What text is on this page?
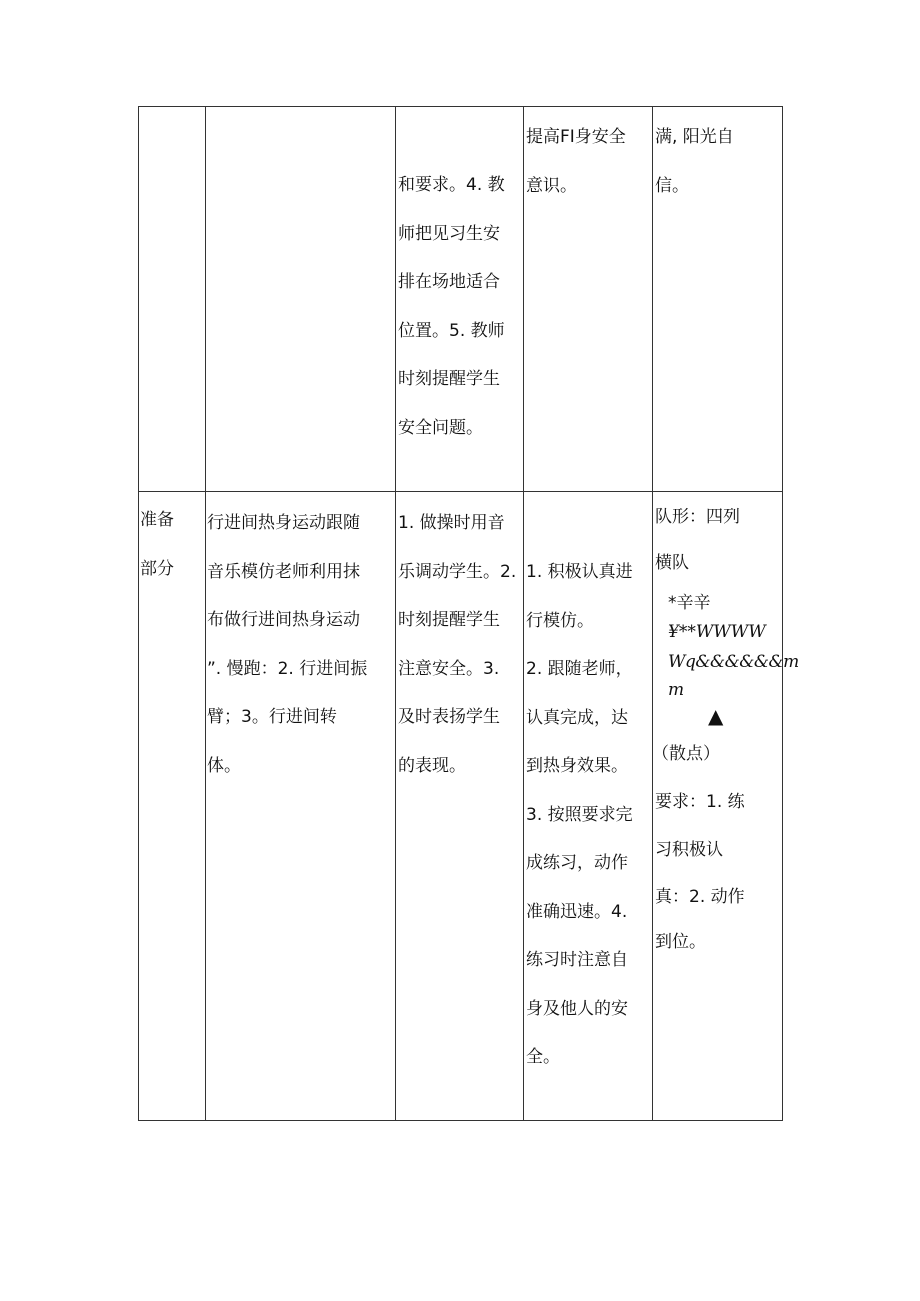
和要求。4. 教
师把见习生安
排在场地适合
位置。5. 教师
时刻提醒学生
安全问题。
提高FI身安全
意识。
满, 阳光自
信。
准备
部分
行进间热身运动跟随
音乐模仿老师利用抹
布做行进间热身运动
”. 慢跑：2. 行进间振
臂；3。行进间转
体。
1. 做操时用音
乐调动学生。2.
时刻提醒学生
注意安全。3.
及时表扬学生
的表现。
1. 积极认真进
行模仿。
2. 跟随老师，
认真完成，达
到热身效果。
3. 按照要求完
成练习，动作
准确迅速。4.
练习时注意自
身及他人的安
全。
队形：四列
横队
*辛辛
¥**WWWW
Wq&&&&&&m
m
▲
（散点）
要求：1. 练
习积极认
真：2. 动作
到位。
